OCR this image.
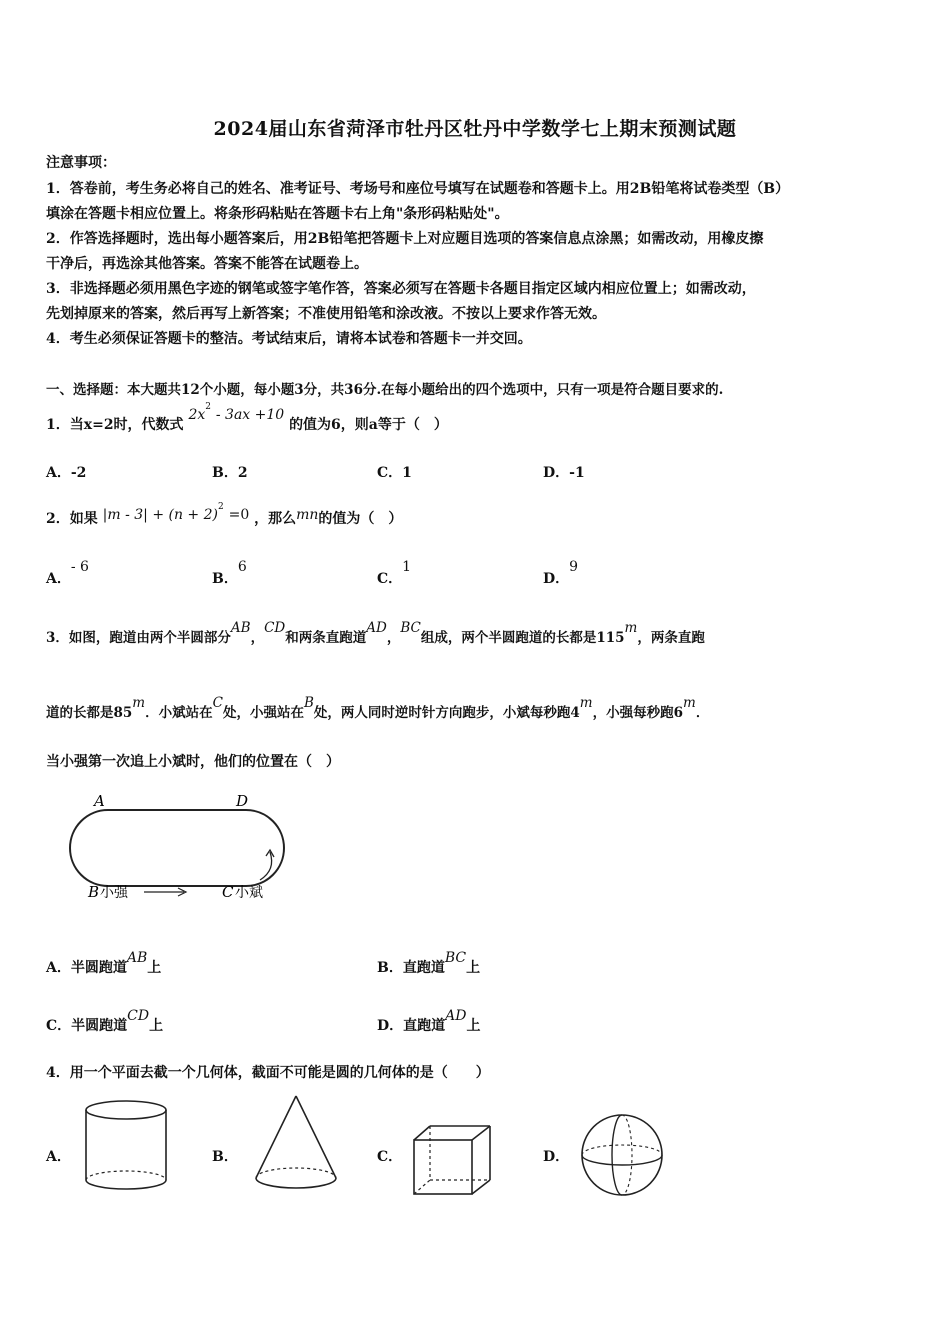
2024届山东省菏泽市牡丹区牡丹中学数学七上期末预测试题
注意事项：
1．答卷前，考生务必将自己的姓名、准考证号、考场号和座位号填写在试题卷和答题卡上。用2B铅笔将试卷类型（B）
填涂在答题卡相应位置上。将条形码粘贴在答题卡右上角"条形码粘贴处"。
2．作答选择题时，选出每小题答案后，用2B铅笔把答题卡上对应题目选项的答案信息点涂黑；如需改动，用橡皮擦
干净后，再选涂其他答案。答案不能答在试题卷上。
3．非选择题必须用黑色字迹的钢笔或签字笔作答，答案必须写在答题卡各题目指定区域内相应位置上；如需改动，
先划掉原来的答案，然后再写上新答案；不准使用铅笔和涂改液。不按以上要求作答无效。
4．考生必须保证答题卡的整洁。考试结束后，请将本试卷和答题卡一并交回。
一、选择题：本大题共12个小题，每小题3分，共36分.在每小题给出的四个选项中，只有一项是符合题目要求的.
1．当x=2时，代数式 $2x^2 - 3ax +10$ 的值为6，则a等于（　）
A．-2	B．2	C．1	D．-1
2．如果 $|m - 3| + (n + 2)^2 =0$ ，那么mn的值为（　）
A．- 6
B．6
C．1
D．9
3．如图，跑道由两个半圆部分AB，CD和两条直跑道AD，BC组成，两个半圆跑道的长都是115m，两条直跑
道的长都是85m．小斌站在C处，小强站在B处，两人同时逆时针方向跑步，小斌每秒跑4m，小强每秒跑6m．
当小强第一次追上小斌时，他们的位置在（　）
A	D
B 小强	C 小斌
A．半圆跑道AB上	B．直跑道BC上
C．半圆跑道CD上	D．直跑道AD上
4．用一个平面去截一个几何体，截面不可能是圆的几何体的是（　　）
A．	B．	C．	D．
